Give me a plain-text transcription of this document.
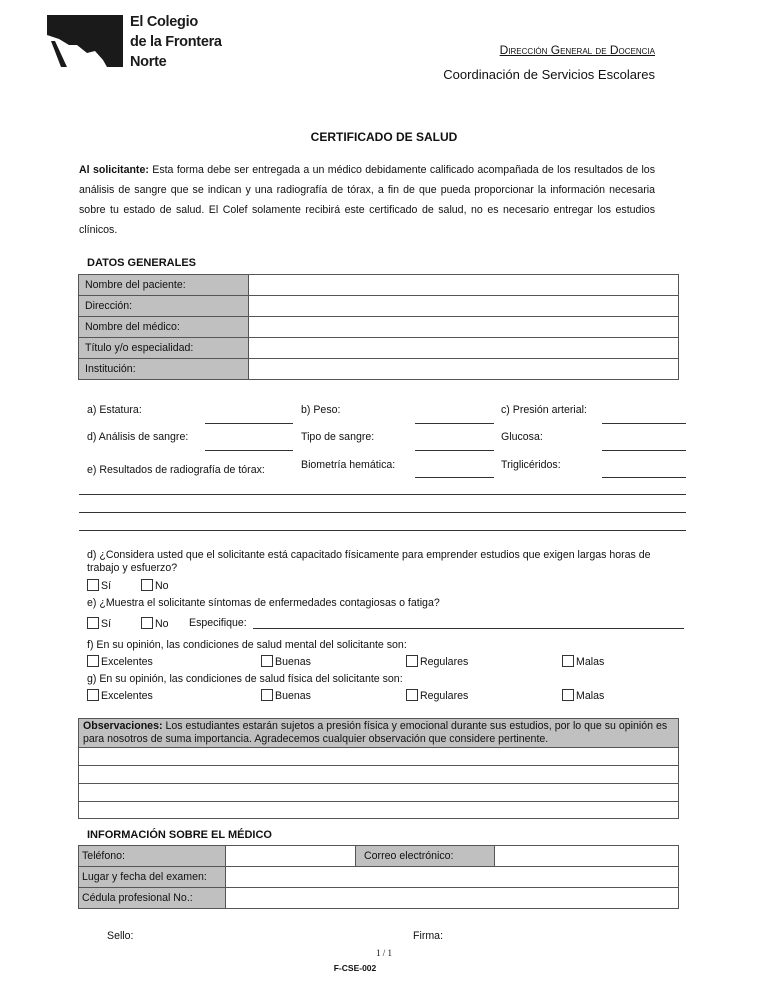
El Colegio
de la Frontera
Norte
Dirección General de Docencia
Coordinación de Servicios Escolares
CERTIFICADO DE SALUD
Al solicitante: Esta forma debe ser entregada a un médico debidamente calificado acompañada de los resultados de los análisis de sangre que se indican y una radiografía de tórax, a fin de que pueda proporcionar la información necesaria sobre tu estado de salud. El Colef solamente recibirá este certificado de salud, no es necesario entregar los estudios clínicos.
DATOS GENERALES
Nombre del paciente:	
Dirección:	
Nombre del médico:	
Título y/o especialidad:	
Institución:	
a) Estatura:	b) Peso:	c) Presión arterial:
d) Análisis de sangre:	Tipo de sangre:	Glucosa:
e) Resultados de radiografía de tórax:	Biometría hemática:	Triglicéridos:
d) ¿Considera usted que el solicitante está capacitado físicamente para emprender estudios que exigen largas horas de trabajo y esfuerzo?
Sí	No
e) ¿Muestra el solicitante síntomas de enfermedades contagiosas o fatiga?
Sí	No Especifique:
f) En su opinión, las condiciones de salud mental del solicitante son:
Excelentes	Buenas	Regulares	Malas
g) En su opinión, las condiciones de salud física del solicitante son:
Excelentes	Buenas	Regulares	Malas
Observaciones: Los estudiantes estarán sujetos a presión física y emocional durante sus estudios, por lo que su opinión es para nosotros de suma importancia. Agradecemos cualquier observación que considere pertinente.

INFORMACIÓN SOBRE EL MÉDICO
Teléfono:		Correo electrónico:	
Lugar y fecha del examen:			
Cédula profesional No.:			
Sello:	Firma:
1 / 1
F-CSE-002
